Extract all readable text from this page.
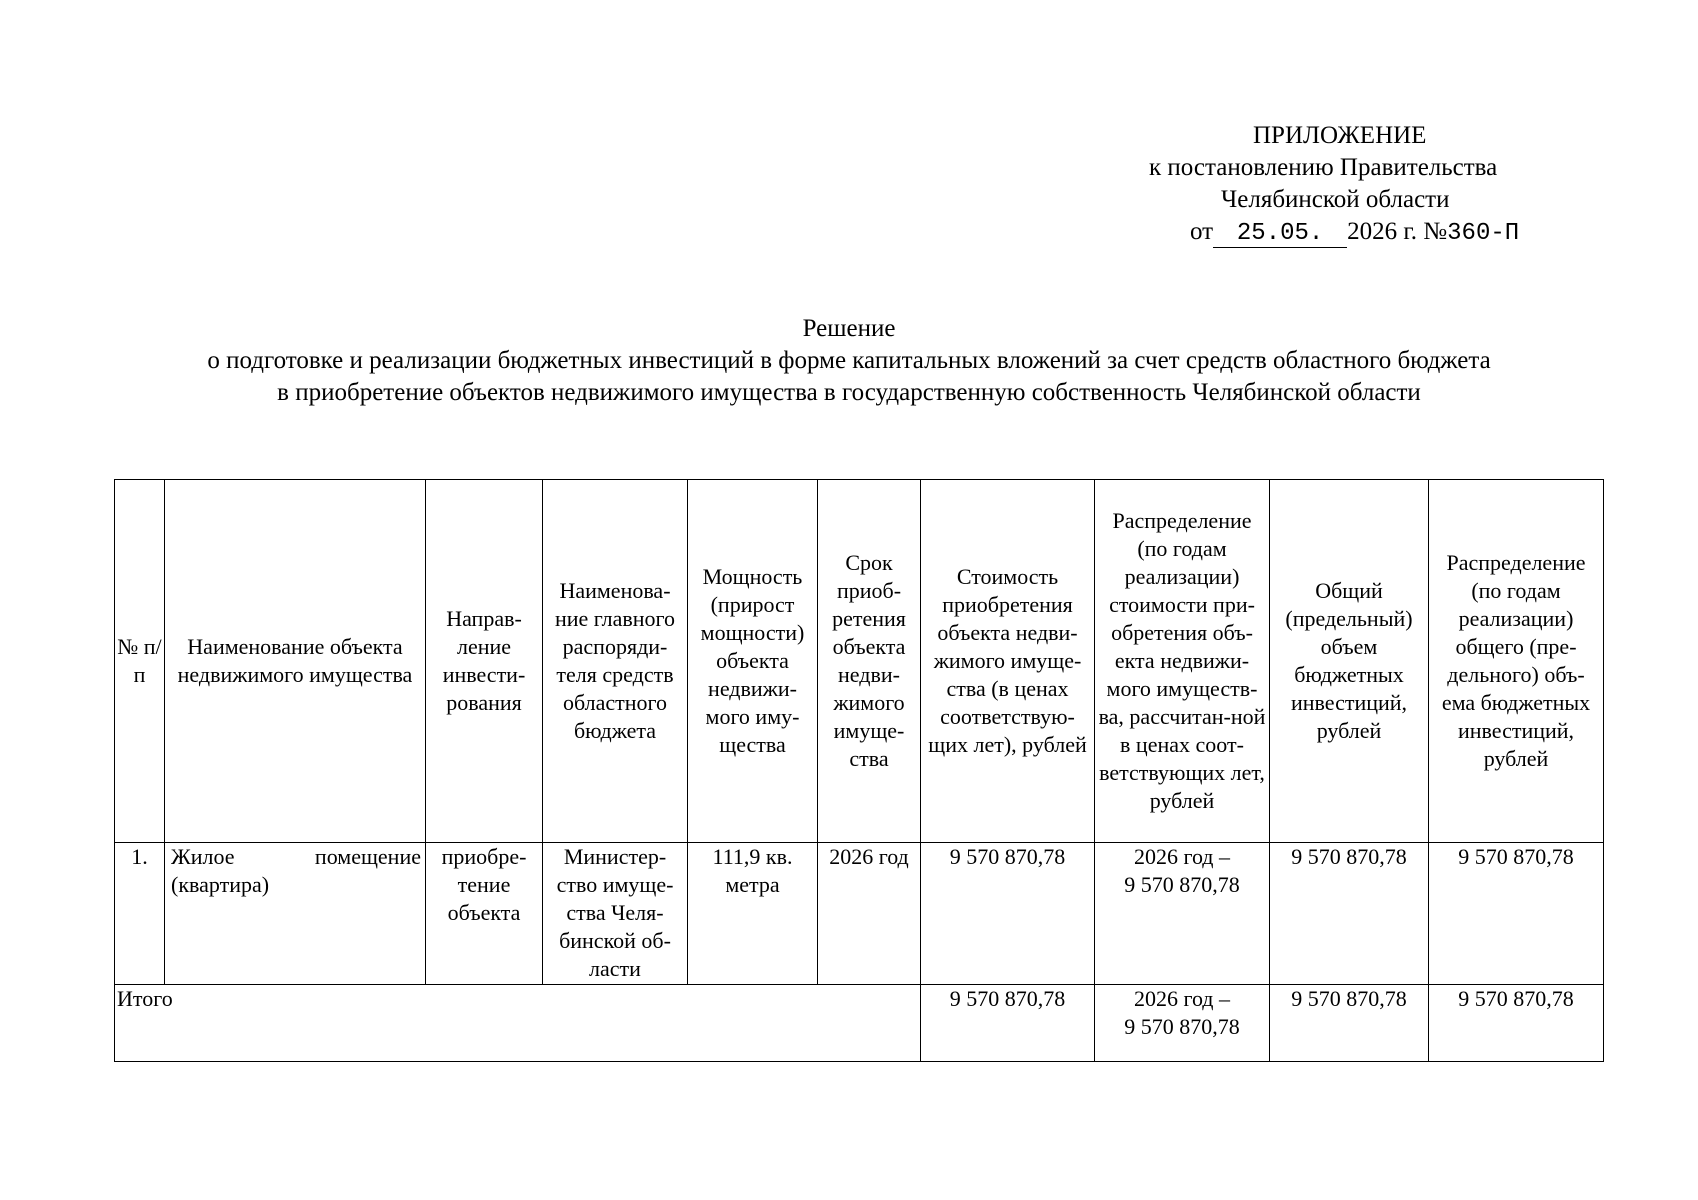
ПРИЛОЖЕНИЕ
к постановлению Правительства
Челябинской области
от 25.05. 2026 г. №360-П
Решение
о подготовке и реализации бюджетных инвестиций в форме капитальных вложений за счет средств областного бюджета
в приобретение объектов недвижимого имущества в государственную собственность Челябинской области
№ п/п	Наименование объекта недвижимого имущества	Направ-ление инвести-рования	Наименова-ние главного распоряди-теля средств областного бюджета	Мощность (прирост мощности) объекта недвижи-мого иму-щества	Срок приоб-ретения объекта недви-жимого имуще-ства	Стоимость приобретения объекта недви-жимого имуще-ства (в ценах соответствую-щих лет), рублей	Распределение (по годам реализации) стоимости при-обретения объ-екта недвижи-мого имуществ-ва, рассчитан-ной в ценах соот-ветствующих лет, рублей	Общий (предельный) объем бюджетных инвестиций, рублей	Распределение (по годам реализации) общего (пре-дельного) объ-ема бюджетных инвестиций, рублей
1.	Жилое помещение (квартира)	приобре-тение объекта	Министер-ство имуще-ства Челя-бинской об-ласти	111,9 кв. метра	2026 год	9 570 870,78	2026 год –
9 570 870,78	9 570 870,78	9 570 870,78
Итого						9 570 870,78	2026 год –
9 570 870,78	9 570 870,78	9 570 870,78
